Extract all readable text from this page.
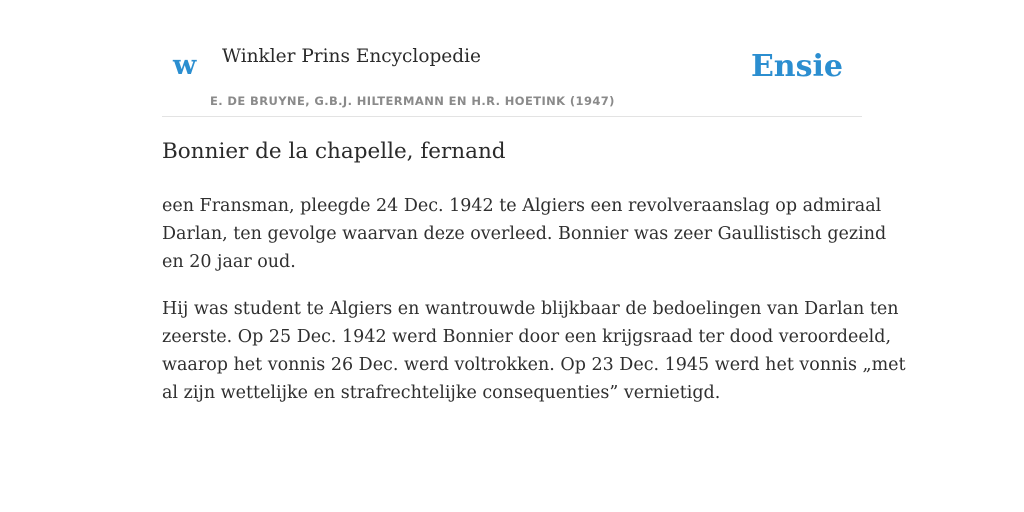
w Winkler Prins Encyclopedie
E. DE BRUYNE, G.B.J. HILTERMANN EN H.R. HOETINK (1947)
Ensie
Bonnier de la chapelle, fernand

een Fransman, pleegde 24 Dec. 1942 te Algiers een revolveraanslag op admiraal
Darlan, ten gevolge waarvan deze overleed. Bonnier was zeer Gaullistisch gezind
en 20 jaar oud.

Hij was student te Algiers en wantrouwde blijkbaar de bedoelingen van Darlan ten
zeerste. Op 25 Dec. 1942 werd Bonnier door een krijgsraad ter dood veroordeeld,
waarop het vonnis 26 Dec. werd voltrokken. Op 23 Dec. 1945 werd het vonnis „met
al zijn wettelijke en strafrechtelijke consequenties” vernietigd.
